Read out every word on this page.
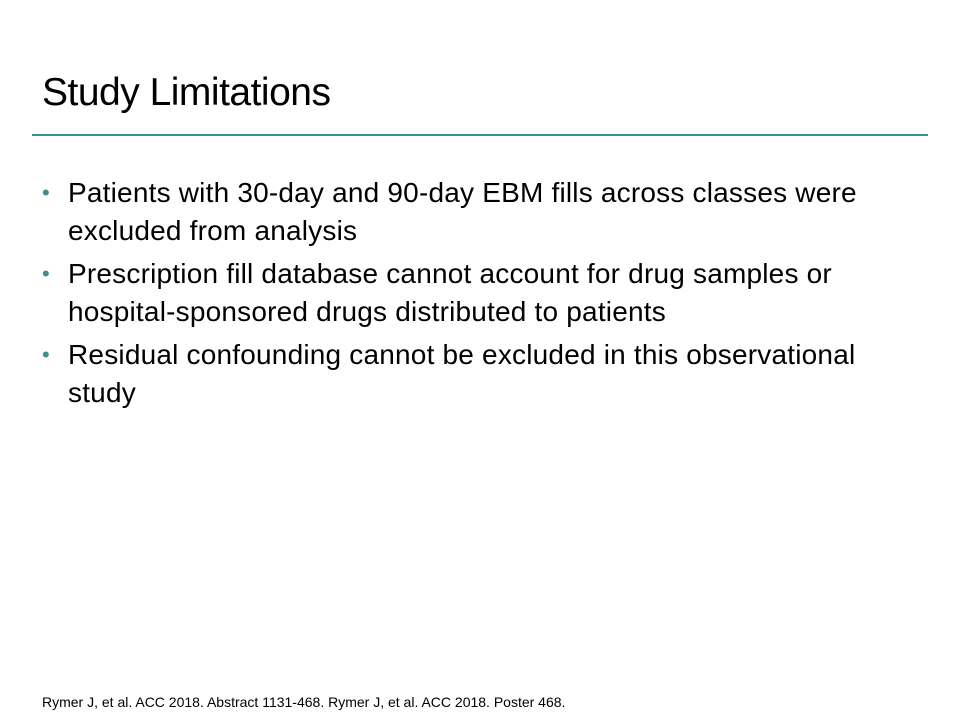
Study Limitations
• Patients with 30-day and 90-day EBM fills across classes were excluded from analysis
• Prescription fill database cannot account for drug samples or hospital-sponsored drugs distributed to patients
• Residual confounding cannot be excluded in this observational study

Rymer J, et al. ACC 2018. Abstract 1131-468. Rymer J, et al. ACC 2018. Poster 468.
